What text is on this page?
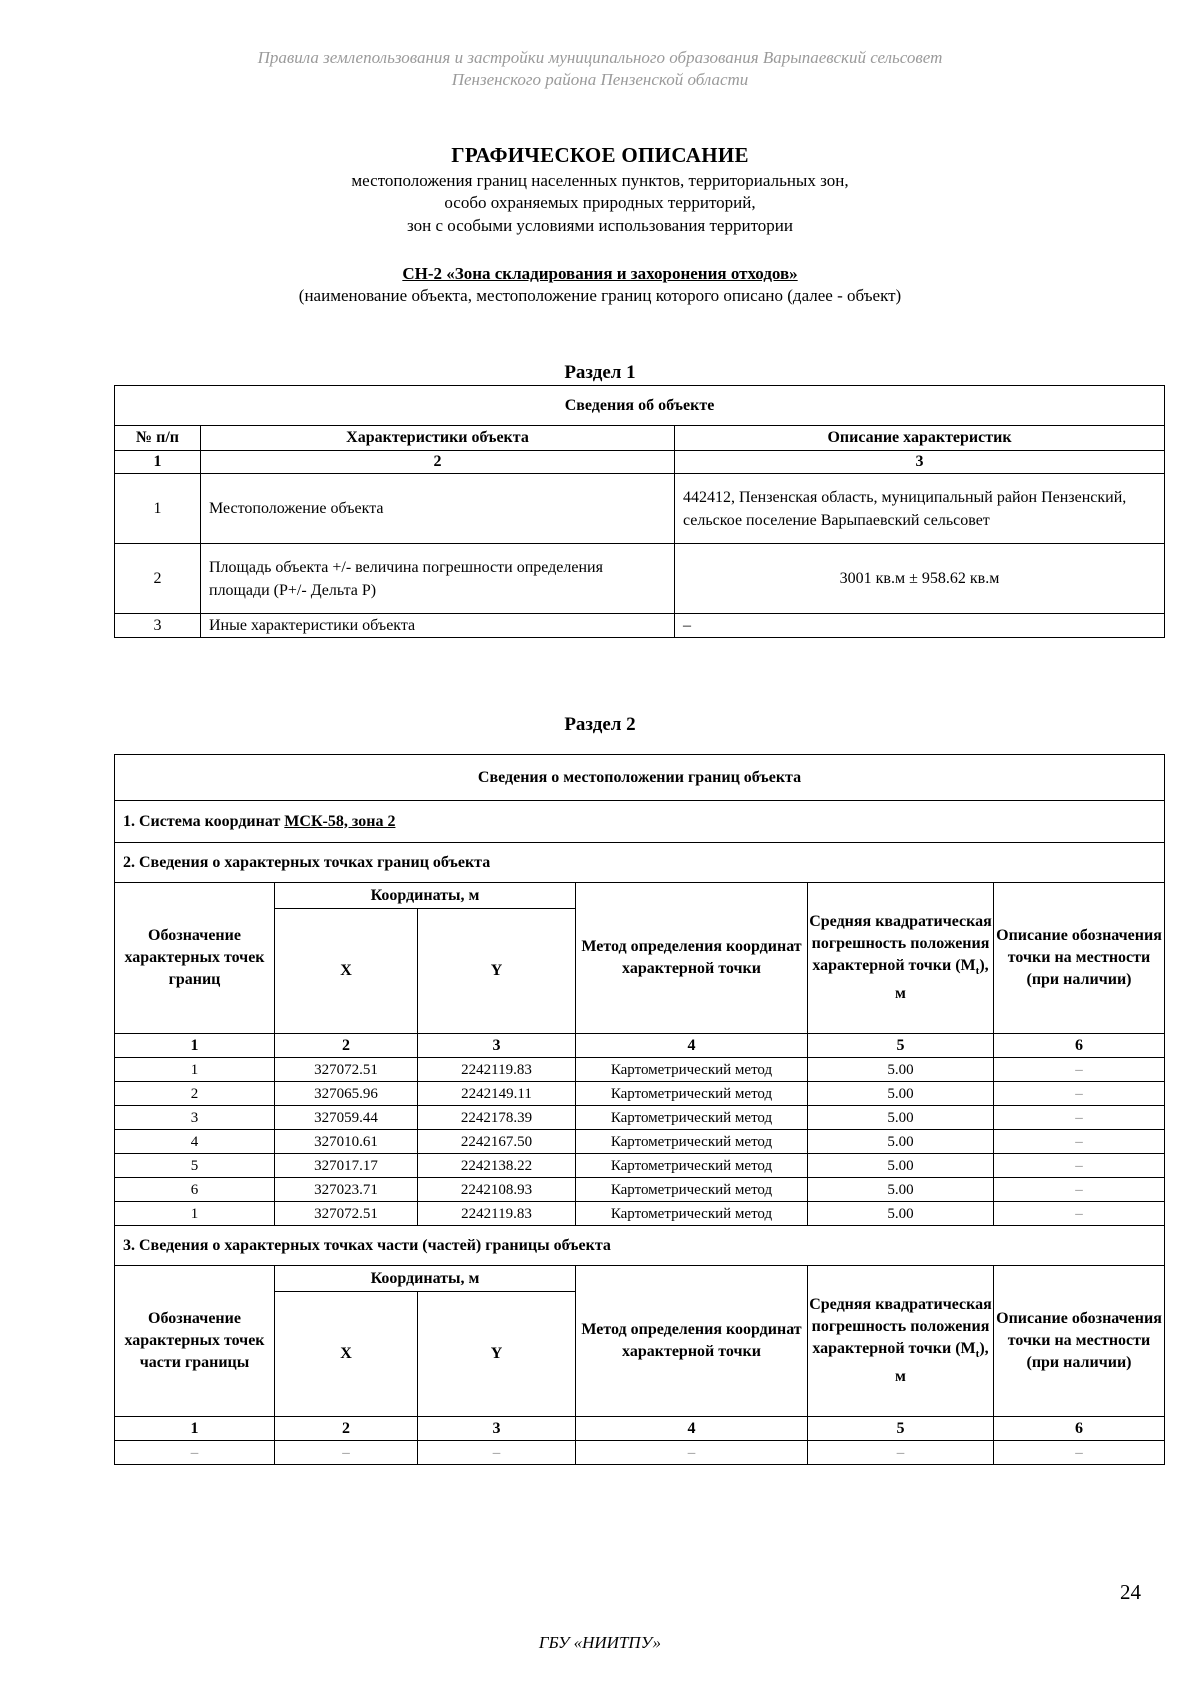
Правила землепользования и застройки муниципального образования Варыпаевский сельсовет
Пензенского района Пензенской области
ГРАФИЧЕСКОЕ ОПИСАНИЕ
местоположения границ населенных пунктов, территориальных зон,
особо охраняемых природных территорий,
зон с особыми условиями использования территории
СН-2 «Зона складирования и захоронения отходов»
(наименование объекта, местоположение границ которого описано (далее - объект)
Раздел 1
Сведения об объекте		
№ п/п	Характеристики объекта	Описание характеристик
1	2	3
1	Местоположение объекта	442412, Пензенская область, муниципальный район Пензенский, сельское поселение Варыпаевский сельсовет
2	Площадь объекта +/- величина погрешности определения площади (Р+/- Дельта Р)	3001 кв.м ± 958.62 кв.м
3	Иные характеристики объекта	–
Раздел 2
Сведения о местоположении границ объекта					
1. Система координат МСК-58, зона 2					
2. Сведения о характерных точках границ объекта					
Обозначение характерных точек границ	Координаты, м		Метод определения координат характерной точки	Средняя квадратическая погрешность положения характерной точки $(M_t)$, м	Описание обозначения точки на местности (при наличии)
	X	Y			
1	2	3	4	5	6
1	327072.51	2242119.83	Картометрический метод	5.00	–
2	327065.96	2242149.11	Картометрический метод	5.00	–
3	327059.44	2242178.39	Картометрический метод	5.00	–
4	327010.61	2242167.50	Картометрический метод	5.00	–
5	327017.17	2242138.22	Картометрический метод	5.00	–
6	327023.71	2242108.93	Картометрический метод	5.00	–
1	327072.51	2242119.83	Картометрический метод	5.00	–
3. Сведения о характерных точках части (частей) границы объекта					
Обозначение характерных точек части границы	Координаты, м		Метод определения координат характерной точки	Средняя квадратическая погрешность положения характерной точки $(M_t)$, м	Описание обозначения точки на местности (при наличии)
	X	Y			
1	2	3	4	5	6
–	–	–	–	–	–
24
ГБУ «НИИТПУ»
